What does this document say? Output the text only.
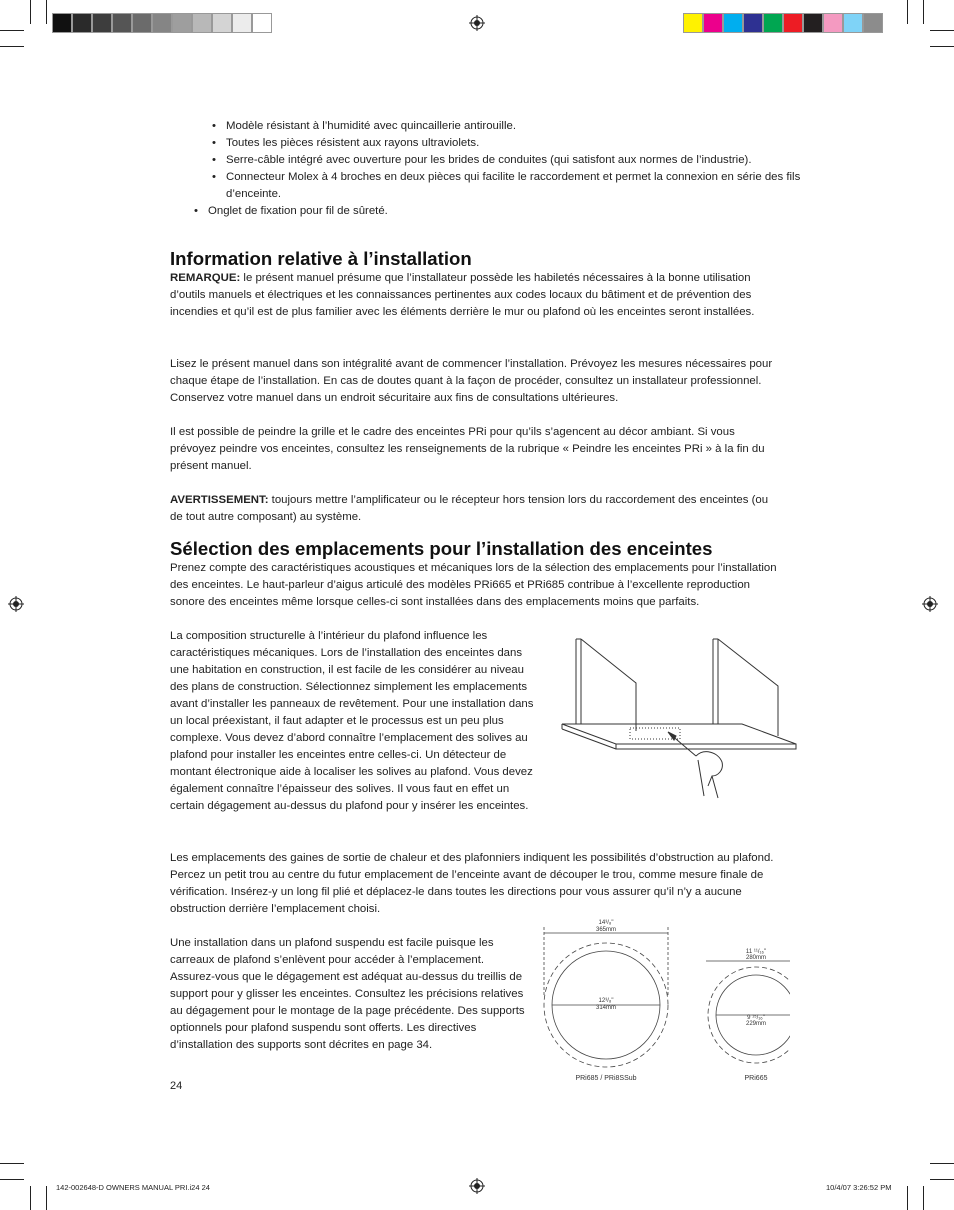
• Modèle résistant à l’humidité avec quincaillerie antirouille.
• Toutes les pièces résistent aux rayons ultraviolets.
• Serre-câble intégré avec ouverture pour les brides de conduites (qui satisfont aux normes de l’industrie).
• Connecteur Molex à 4 broches en deux pièces qui facilite le raccordement et permet la connexion en série des fils d’enceinte.
• Onglet de fixation pour fil de sûreté.
Information relative à l’installation

REMARQUE: le présent manuel présume que l’installateur possède les habiletés nécessaires à la bonne utilisation d’outils manuels et électriques et les connaissances pertinentes aux codes locaux du bâtiment et de prévention des incendies et qu’il est de plus familier avec les éléments derrière le mur ou plafond où les enceintes seront installées.

Lisez le présent manuel dans son intégralité avant de commencer l’installation. Prévoyez les mesures nécessaires pour chaque étape de l’installation. En cas de doutes quant à la façon de procéder, consultez un installateur professionnel. Conservez votre manuel dans un endroit sécuritaire aux fins de consultations ultérieures.

Il est possible de peindre la grille et le cadre des enceintes PRi pour qu’ils s’agencent au décor ambiant. Si vous prévoyez peindre vos enceintes, consultez les renseignements de la rubrique « Peindre les enceintes PRi » à la fin du présent manuel.

AVERTISSEMENT: toujours mettre l’amplificateur ou le récepteur hors tension lors du raccordement des enceintes (ou de tout autre composant) au système.

Sélection des emplacements pour l’installation des enceintes

Prenez compte des caractéristiques acoustiques et mécaniques lors de la sélection des emplacements pour l’installation des enceintes. Le haut-parleur d’aigus articulé des modèles PRi665 et PRi685 contribue à l’excellente reproduction sonore des enceintes même lorsque celles-ci sont installées dans des emplacements moins que parfaits.

La composition structurelle à l’intérieur du plafond influence les caractéristiques mécaniques. Lors de l’installation des enceintes dans une habitation en construction, il est facile de les considérer au niveau des plans de construction. Sélectionnez simplement les emplacements avant d’installer les panneaux de revêtement. Pour une installation dans un local préexistant, il faut adapter et le processus est un peu plus complexe. Vous devez d’abord connaître l’emplacement des solives au plafond pour installer les enceintes entre celles-ci. Un détecteur de montant électronique aide à localiser les solives au plafond. Vous devez également connaître l’épaisseur des solives. Il vous faut en effet un certain dégagement au-dessus du plafond pour y insérer les enceintes.

Les emplacements des gaines de sortie de chaleur et des plafonniers indiquent les possibilités d’obstruction au plafond. Percez un petit trou au centre du futur emplacement de l’enceinte avant de découper le trou, comme mesure finale de vérification. Insérez-y un long fil plié et déplacez-le dans toutes les directions pour vous assurer qu’il n’y a aucune obstruction derrière l’emplacement choisi.

Une installation dans un plafond suspendu est facile puisque les carreaux de plafond s’enlèvent pour accéder à l’emplacement. Assurez-vous que le dégagement est adéquat au-dessus du treillis de support pour y glisser les enceintes. Consultez les précisions relatives au dégagement pour le montage de la page précédente. Des supports optionnels pour plafond suspendu sont offerts. Les directives d’installation des supports sont décrites en page 34.

14³/₈"
365mm
12³/₈"
314mm
11 ¹¹/₁₆"
280mm
9 ¹⁵/₁₆"
229mm
PRi685 / PRi8SSub	PRi665
24
142-002648-D OWNERS MANUAL PRI.i24 24	10/4/07 3:26:52 PM
